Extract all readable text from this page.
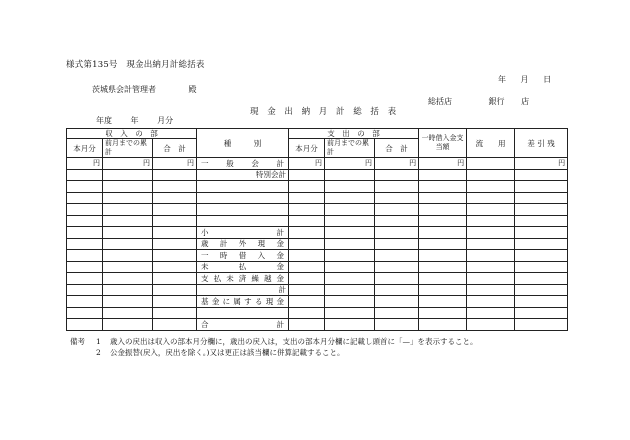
様式第135号　現金出納月計総括表
年 月 日
茨城県会計管理者	殿
総括店	銀行 店
現 金 出 納 月 計 総 括 表
年度 年 月分
収　入　の　部			種　　　別	支　出　の　部			一時借入金支当額	流　　用	差 引 残
本月分	前月までの累計	合　計		本月分	前月までの累計	合　計			
円	円	円	一　般　会　計	円	円	円	円		円
			特別会計						

			小　　計						
			歳 計 外 現 金						
			一 時 借 入 金						
			未　払　金						
			支 払 未 済 繰 越 金						
			計						
			基 金 に 属 す る 現 金						

			合　　計						
備考	1	歳入の戻出は収入の部本月分欄に，歳出の戻入は，支出の部本月分欄に記載し頭首に「—」を表示すること。
2	公金振替(戻入，戻出を除く。)又は更正は該当欄に併算記載すること。
